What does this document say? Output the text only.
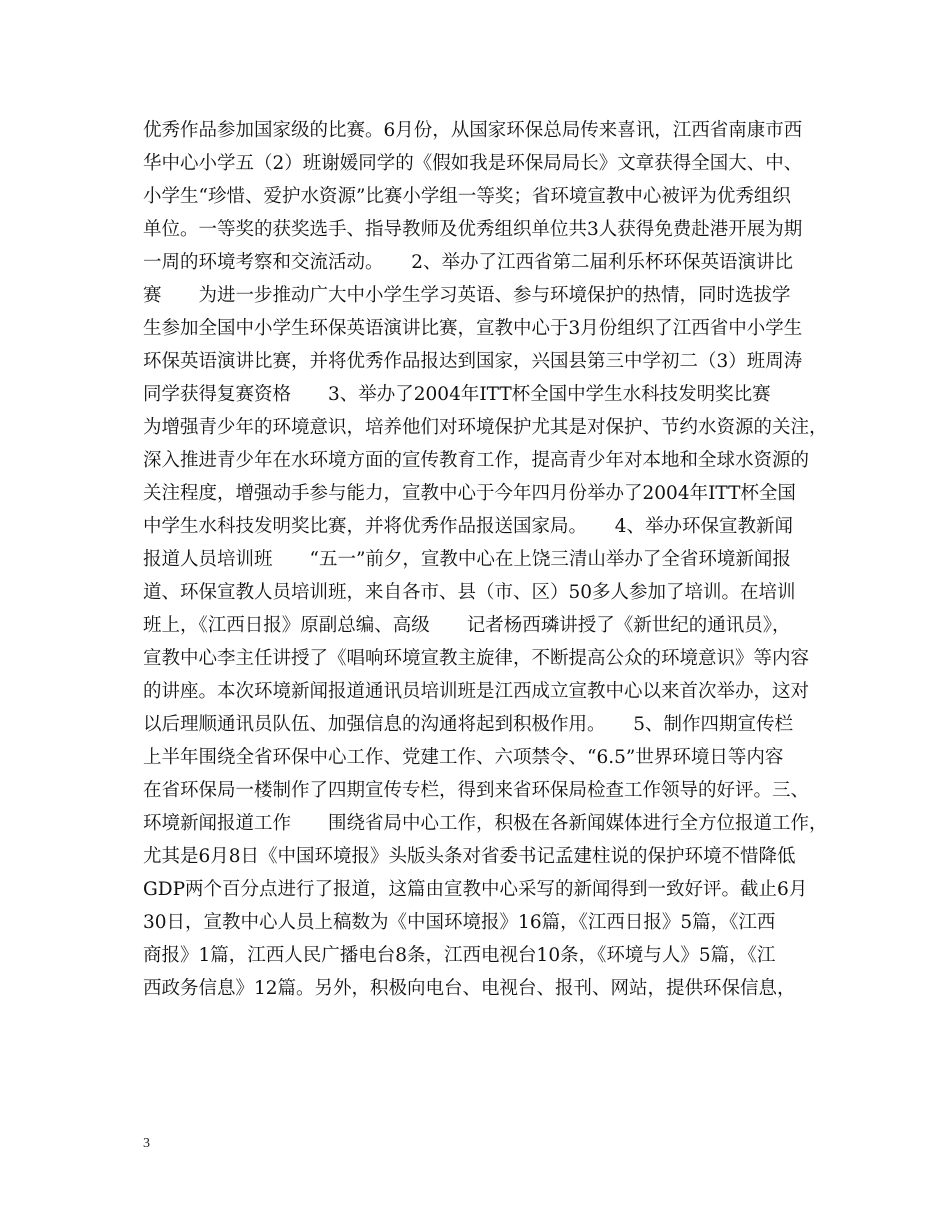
优秀作品参加国家级的比赛。6月份，从国家环保总局传来喜讯，江西省南康市西
华中心小学五（2）班谢媛同学的《假如我是环保局局长》文章获得全国大、中、
小学生“珍惜、爱护水资源”比赛小学组一等奖；省环境宣教中心被评为优秀组织
单位。一等奖的获奖选手、指导教师及优秀组织单位共3人获得免费赴港开展为期
一周的环境考察和交流活动。　　2、举办了江西省第二届利乐杯环保英语演讲比
赛　　为进一步推动广大中小学生学习英语、参与环境保护的热情，同时选拔学
生参加全国中小学生环保英语演讲比赛，宣教中心于3月份组织了江西省中小学生
环保英语演讲比赛，并将优秀作品报达到国家，兴国县第三中学初二（3）班周涛
同学获得复赛资格　　3、举办了2004年ITT杯全国中学生水科技发明奖比赛
为增强青少年的环境意识，培养他们对环境保护尤其是对保护、节约水资源的关注，
深入推进青少年在水环境方面的宣传教育工作，提高青少年对本地和全球水资源的
关注程度，增强动手参与能力，宣教中心于今年四月份举办了2004年ITT杯全国
中学生水科技发明奖比赛，并将优秀作品报送国家局。　　4、举办环保宣教新闻
报道人员培训班　　“五一”前夕，宣教中心在上饶三清山举办了全省环境新闻报
道、环保宣教人员培训班，来自各市、县（市、区）50多人参加了培训。在培训
班上，《江西日报》原副总编、高级　　记者杨西璘讲授了《新世纪的通讯员》，
宣教中心李主任讲授了《唱响环境宣教主旋律，不断提高公众的环境意识》等内容
的讲座。本次环境新闻报道通讯员培训班是江西成立宣教中心以来首次举办，这对
以后理顺通讯员队伍、加强信息的沟通将起到积极作用。　　5、制作四期宣传栏
上半年围绕全省环保中心工作、党建工作、六项禁令、“6.5”世界环境日等内容
在省环保局一楼制作了四期宣传专栏，得到来省环保局检查工作领导的好评。三、
环境新闻报道工作　　围绕省局中心工作，积极在各新闻媒体进行全方位报道工作，
尤其是6月8日《中国环境报》头版头条对省委书记孟建柱说的保护环境不惜降低
GDP两个百分点进行了报道，这篇由宣教中心采写的新闻得到一致好评。截止6月
30日，宣教中心人员上稿数为《中国环境报》16篇，《江西日报》5篇，《江西
商报》1篇，江西人民广播电台8条，江西电视台10条，《环境与人》5篇，《江
西政务信息》12篇。另外，积极向电台、电视台、报刊、网站，提供环保信息，
3
